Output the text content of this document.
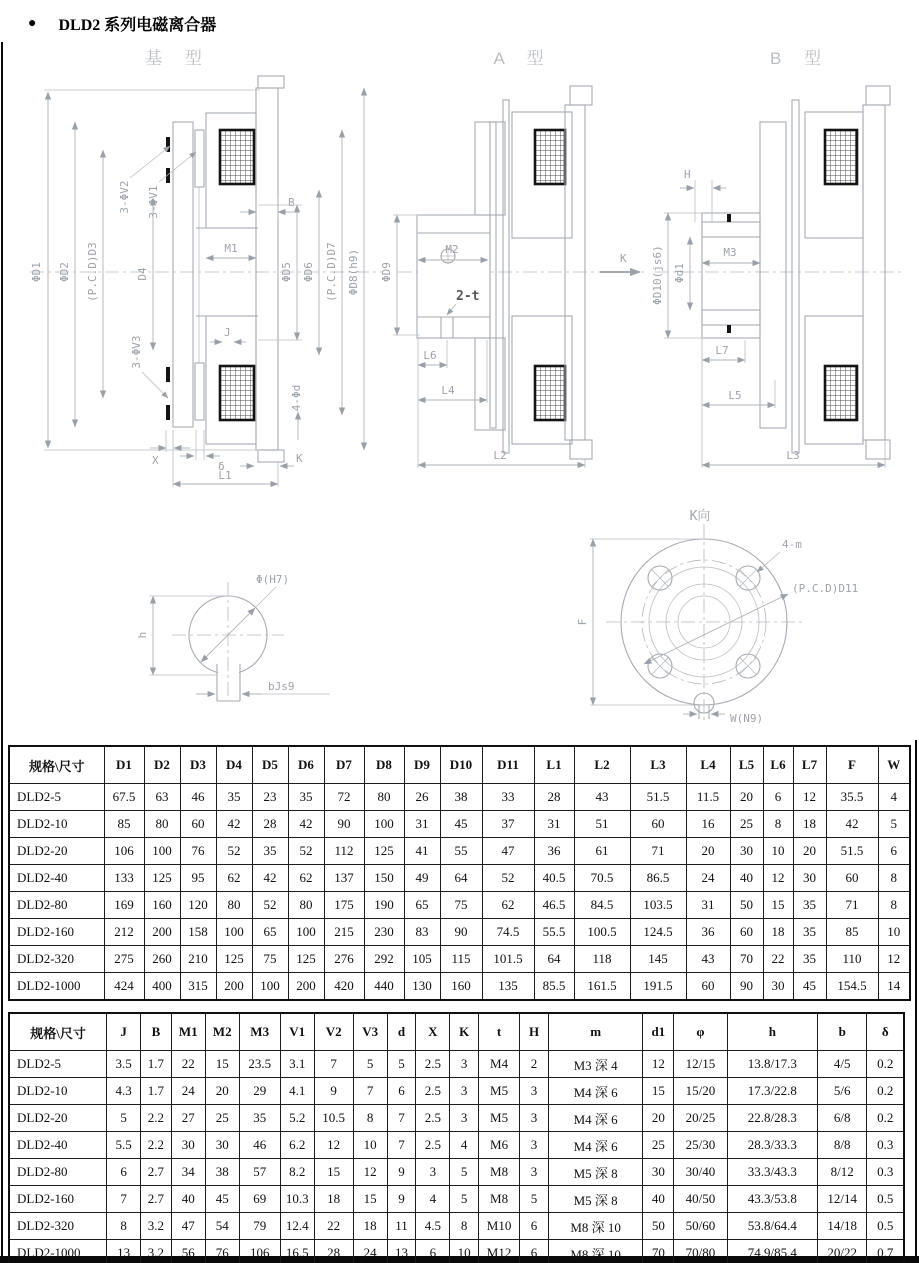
● DLD2 系列电磁离合器
基 型	A 型	B 型
ΦD1 ΦD2 (P.C.D)D3	D4
3-ΦV2 3-ΦV1
3-ΦV3
B
M1
J
ΦD5 ΦD6 (P.C.D)D7 ΦD8(h9)
4-Φd
X	δ
K
L1
2-t
ΦD9
M2
L6
L4
L2
K
H
ΦD10(js6) Φd1
M3
L7
L5
L3
Φ(H7)
h
bJs9
K向
4-m
(P.C.D)D11
F
W(N9)
规格\尺寸	D1	D2	D3	D4	D5	D6	D7	D8	D9	D10	D11	L1	L2	L3	L4	L5	L6	L7	F	W
DLD2-5	67.5	63	46	35	23	35	72	80	26	38	33	28	43	51.5	11.5	20	6	12	35.5	4
DLD2-10	85	80	60	42	28	42	90	100	31	45	37	31	51	60	16	25	8	18	42	5
DLD2-20	106	100	76	52	35	52	112	125	41	55	47	36	61	71	20	30	10	20	51.5	6
DLD2-40	133	125	95	62	42	62	137	150	49	64	52	40.5	70.5	86.5	24	40	12	30	60	8
DLD2-80	169	160	120	80	52	80	175	190	65	75	62	46.5	84.5	103.5	31	50	15	35	71	8
DLD2-160	212	200	158	100	65	100	215	230	83	90	74.5	55.5	100.5	124.5	36	60	18	35	85	10
DLD2-320	275	260	210	125	75	125	276	292	105	115	101.5	64	118	145	43	70	22	35	110	12
DLD2-1000	424	400	315	200	100	200	420	440	130	160	135	85.5	161.5	191.5	60	90	30	45	154.5	14
规格\尺寸	J	B	M1	M2	M3	V1	V2	V3	d	X	K	t	H	m	d1	φ	h	b	δ
DLD2-5	3.5	1.7	22	15	23.5	3.1	7	5	5	2.5	3	M4	2	M3 深 4	12	12/15	13.8/17.3	4/5	0.2
DLD2-10	4.3	1.7	24	20	29	4.1	9	7	6	2.5	3	M5	3	M4 深 6	15	15/20	17.3/22.8	5/6	0.2
DLD2-20	5	2.2	27	25	35	5.2	10.5	8	7	2.5	3	M5	3	M4 深 6	20	20/25	22.8/28.3	6/8	0.2
DLD2-40	5.5	2.2	30	30	46	6.2	12	10	7	2.5	4	M6	3	M4 深 6	25	25/30	28.3/33.3	8/8	0.3
DLD2-80	6	2.7	34	38	57	8.2	15	12	9	3	5	M8	3	M5 深 8	30	30/40	33.3/43.3	8/12	0.3
DLD2-160	7	2.7	40	45	69	10.3	18	15	9	4	5	M8	5	M5 深 8	40	40/50	43.3/53.8	12/14	0.5
DLD2-320	8	3.2	47	54	79	12.4	22	18	11	4.5	8	M10	6	M8 深 10	50	50/60	53.8/64.4	14/18	0.5
DLD2-1000	13	3.2	56	76	106	16.5	28	24	13	6	10	M12	6	M8 深 10	70	70/80	74.9/85.4	20/22	0.7
